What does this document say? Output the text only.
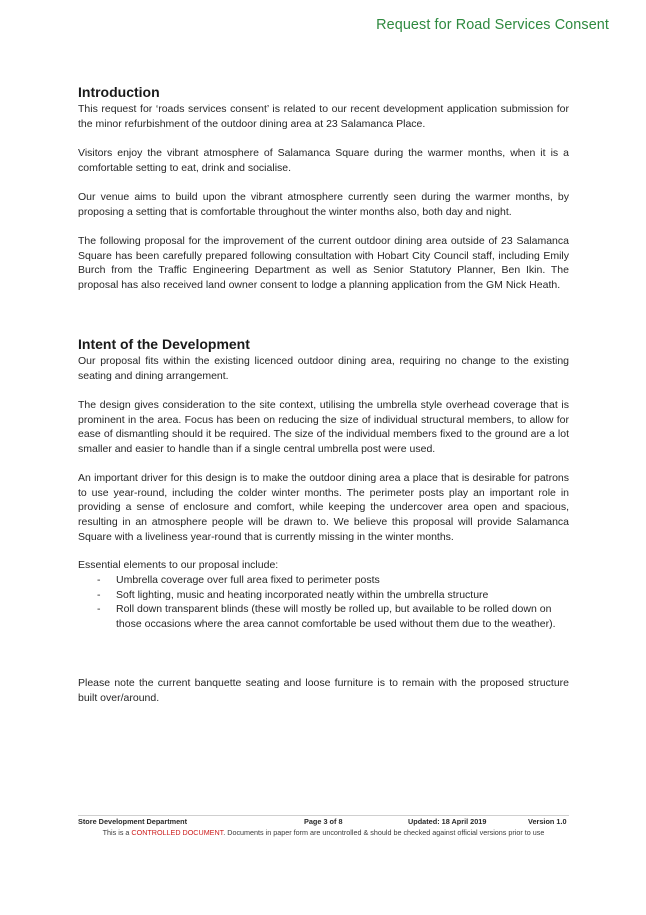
Request for Road Services Consent
Introduction

This request for ‘roads services consent’ is related to our recent development application submission for the minor refurbishment of the outdoor dining area at 23 Salamanca Place.

Visitors enjoy the vibrant atmosphere of Salamanca Square during the warmer months, when it is a comfortable setting to eat, drink and socialise.

Our venue aims to build upon the vibrant atmosphere currently seen during the warmer months, by proposing a setting that is comfortable throughout the winter months also, both day and night.

The following proposal for the improvement of the current outdoor dining area outside of 23 Salamanca Square has been carefully prepared following consultation with Hobart City Council staff, including Emily Burch from the Traffic Engineering Department as well as Senior Statutory Planner, Ben Ikin. The proposal has also received land owner consent to lodge a planning application from the GM Nick Heath.

Intent of the Development

Our proposal fits within the existing licenced outdoor dining area, requiring no change to the existing seating and dining arrangement.

The design gives consideration to the site context, utilising the umbrella style overhead coverage that is prominent in the area. Focus has been on reducing the size of individual structural members, to allow for ease of dismantling should it be required. The size of the individual members fixed to the ground are a lot smaller and easier to handle than if a single central umbrella post were used.

An important driver for this design is to make the outdoor dining area a place that is desirable for patrons to use year-round, including the colder winter months. The perimeter posts play an important role in providing a sense of enclosure and comfort, while keeping the undercover area open and spacious, resulting in an atmosphere people will be drawn to. We believe this proposal will provide Salamanca Square with a liveliness year-round that is currently missing in the winter months.

Essential elements to our proposal include:

- Umbrella coverage over full area fixed to perimeter posts
- Soft lighting, music and heating incorporated neatly within the umbrella structure
- Roll down transparent blinds (these will mostly be rolled up, but available to be rolled down on those occasions where the area cannot comfortable be used without them due to the weather).

Please note the current banquette seating and loose furniture is to remain with the proposed structure built over/around.

Store Development Department	Page 3 of 8	Updated: 18 April 2019	Version 1.0
This is a CONTROLLED DOCUMENT. Documents in paper form are uncontrolled & should be checked against official versions prior to use
